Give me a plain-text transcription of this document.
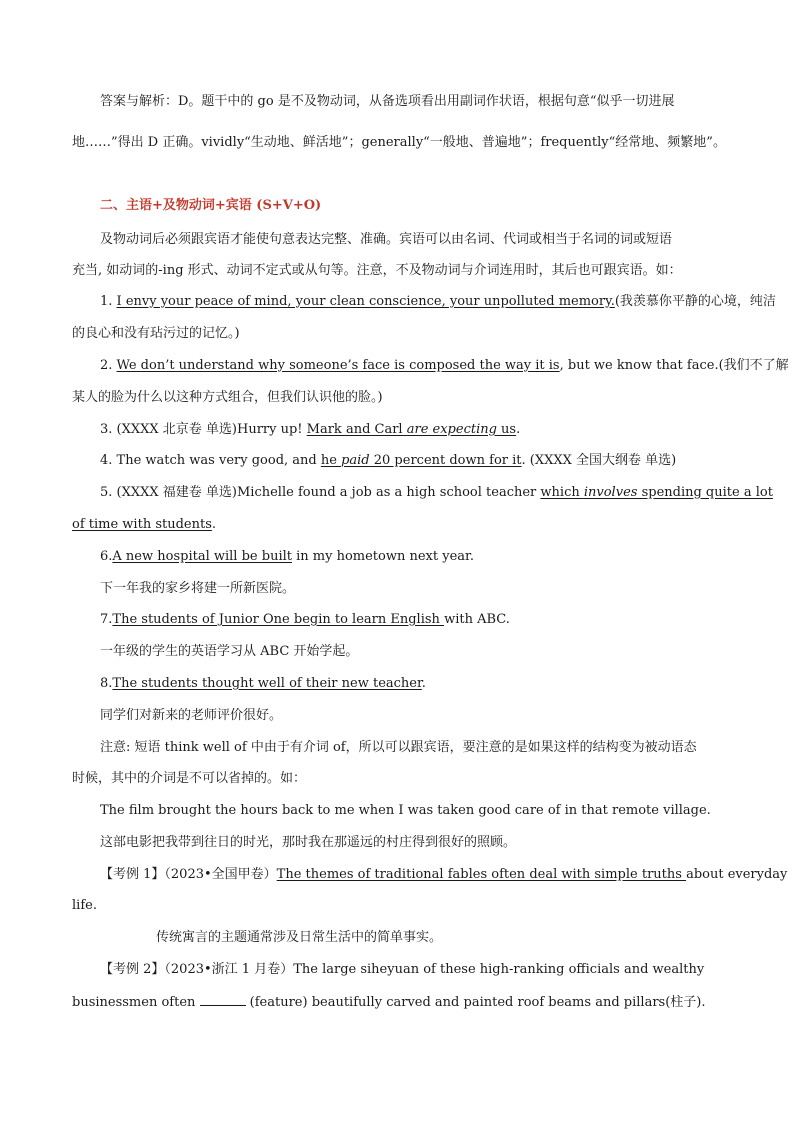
答案与解析：D。题干中的 go 是不及物动词，从备选项看出用副词作状语，根据句意“似乎一切进展
地……”得出 D 正确。vividly“生动地、鲜活地”；generally“一般地、普遍地”；frequently“经常地、频繁地”。
二、主语+及物动词+宾语 (S+V+O)
及物动词后必须跟宾语才能使句意表达完整、准确。宾语可以由名词、代词或相当于名词的词或短语
充当, 如动词的-ing 形式、动词不定式或从句等。注意，不及物动词与介词连用时，其后也可跟宾语。如：
1. I envy your peace of mind, your clean conscience, your unpolluted memory.(我羡慕你平静的心境，纯洁
的良心和没有玷污过的记忆。)
2. We don’t understand why someone’s face is composed the way it is, but we know that face.(我们不了解
某人的脸为什么以这种方式组合，但我们认识他的脸。)
3. (XXXX 北京卷 单选)Hurry up! Mark and Carl are expecting us.
4. The watch was very good, and he paid 20 percent down for it. (XXXX 全国大纲卷 单选)
5. (XXXX 福建卷 单选)Michelle found a job as a high school teacher which involves spending quite a lot
of time with students.
6.A new hospital will be built in my hometown next year.
下一年我的家乡将建一所新医院。
7.The students of Junior One begin to learn English with ABC.
一年级的学生的英语学习从 ABC 开始学起。
8.The students thought well of their new teacher.
同学们对新来的老师评价很好。
注意: 短语 think well of 中由于有介词 of，所以可以跟宾语，要注意的是如果这样的结构变为被动语态
时候，其中的介词是不可以省掉的。如：
The film brought the hours back to me when I was taken good care of in that remote village.
这部电影把我带到往日的时光，那时我在那遥远的村庄得到很好的照顾。
【考例 1】（2023•全国甲卷）The themes of traditional fables often deal with simple truths about everyday
life.
传统寓言的主题通常涉及日常生活中的简单事实。
【考例 2】（2023•浙江 1 月卷）The large siheyuan of these high-ranking officials and wealthy
businessmen often	(feature) beautifully carved and painted roof beams and pillars(柱子).
